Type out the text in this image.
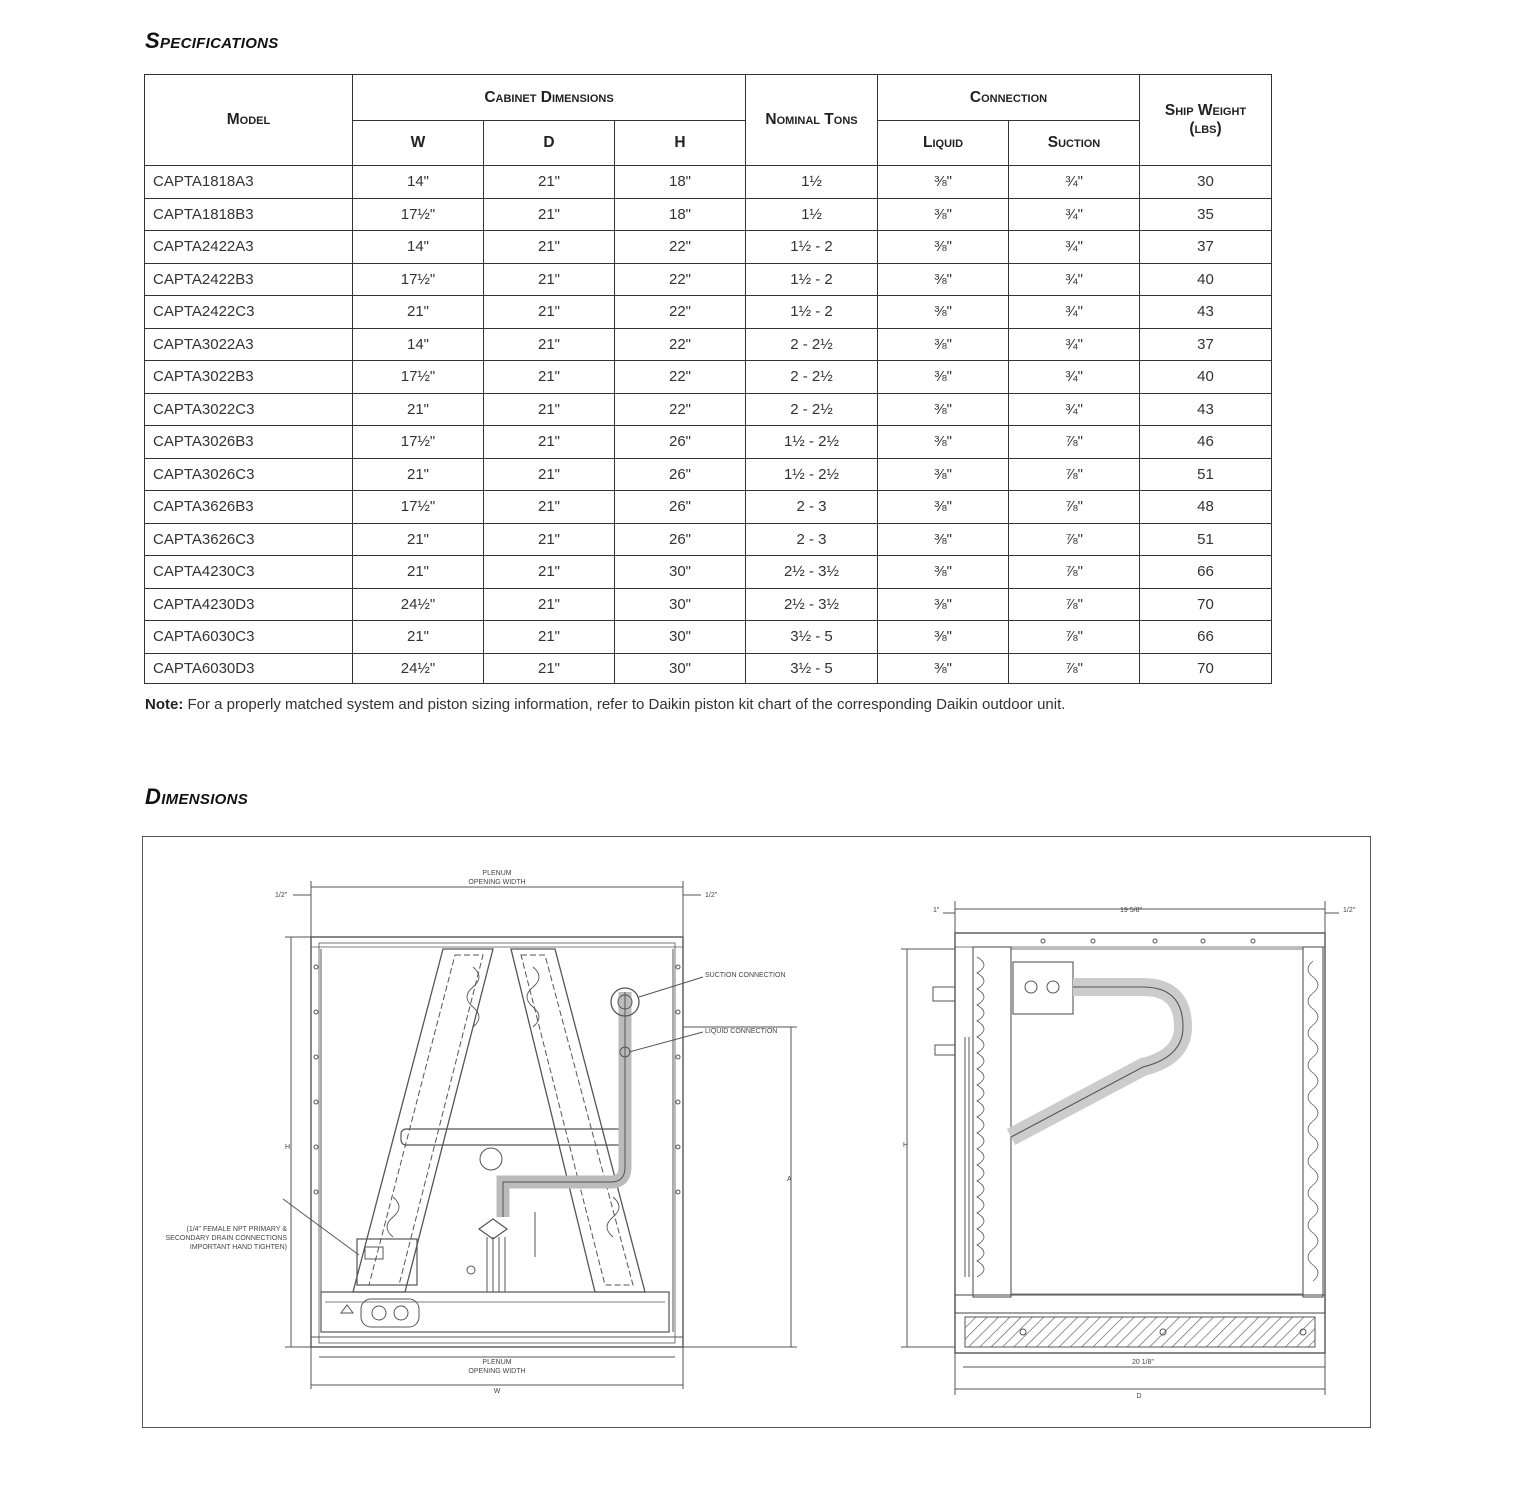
Specifications
Model	Cabinet Dimensions			Nominal Tons	Connection		Ship Weight
(lbs)
	W	D	H		Liquid	Suction	
CAPTA1818A3	14"	21"	18"	1½	⅜"	¾"	30
CAPTA1818B3	17½"	21"	18"	1½	⅜"	¾"	35
CAPTA2422A3	14"	21"	22"	1½ - 2	⅜"	¾"	37
CAPTA2422B3	17½"	21"	22"	1½ - 2	⅜"	¾"	40
CAPTA2422C3	21"	21"	22"	1½ - 2	⅜"	¾"	43
CAPTA3022A3	14"	21"	22"	2 - 2½	⅜"	¾"	37
CAPTA3022B3	17½"	21"	22"	2 - 2½	⅜"	¾"	40
CAPTA3022C3	21"	21"	22"	2 - 2½	⅜"	¾"	43
CAPTA3026B3	17½"	21"	26"	1½ - 2½	⅜"	⅞"	46
CAPTA3026C3	21"	21"	26"	1½ - 2½	⅜"	⅞"	51
CAPTA3626B3	17½"	21"	26"	2 - 3	⅜"	⅞"	48
CAPTA3626C3	21"	21"	26"	2 - 3	⅜"	⅞"	51
CAPTA4230C3	21"	21"	30"	2½ - 3½	⅜"	⅞"	66
CAPTA4230D3	24½"	21"	30"	2½ - 3½	⅜"	⅞"	70
CAPTA6030C3	21"	21"	30"	3½ - 5	⅜"	⅞"	66
CAPTA6030D3	24½"	21"	30"	3½ - 5	⅜"	⅞"	70
Note: For a properly matched system and piston sizing information, refer to Daikin piston kit chart of the corresponding Daikin outdoor unit.
Dimensions
PLENUM
OPENING WIDTH
1/2"	1/2"
SUCTION CONNECTION
LIQUID CONNECTION
H
A
(1/4" FEMALE NPT PRIMARY &
SECONDARY DRAIN CONNECTIONS
IMPORTANT HAND TIGHTEN)
PLENUM
OPENING WIDTH
W
1"	19 5/8"	1/2"
H
20 1/8"
D
